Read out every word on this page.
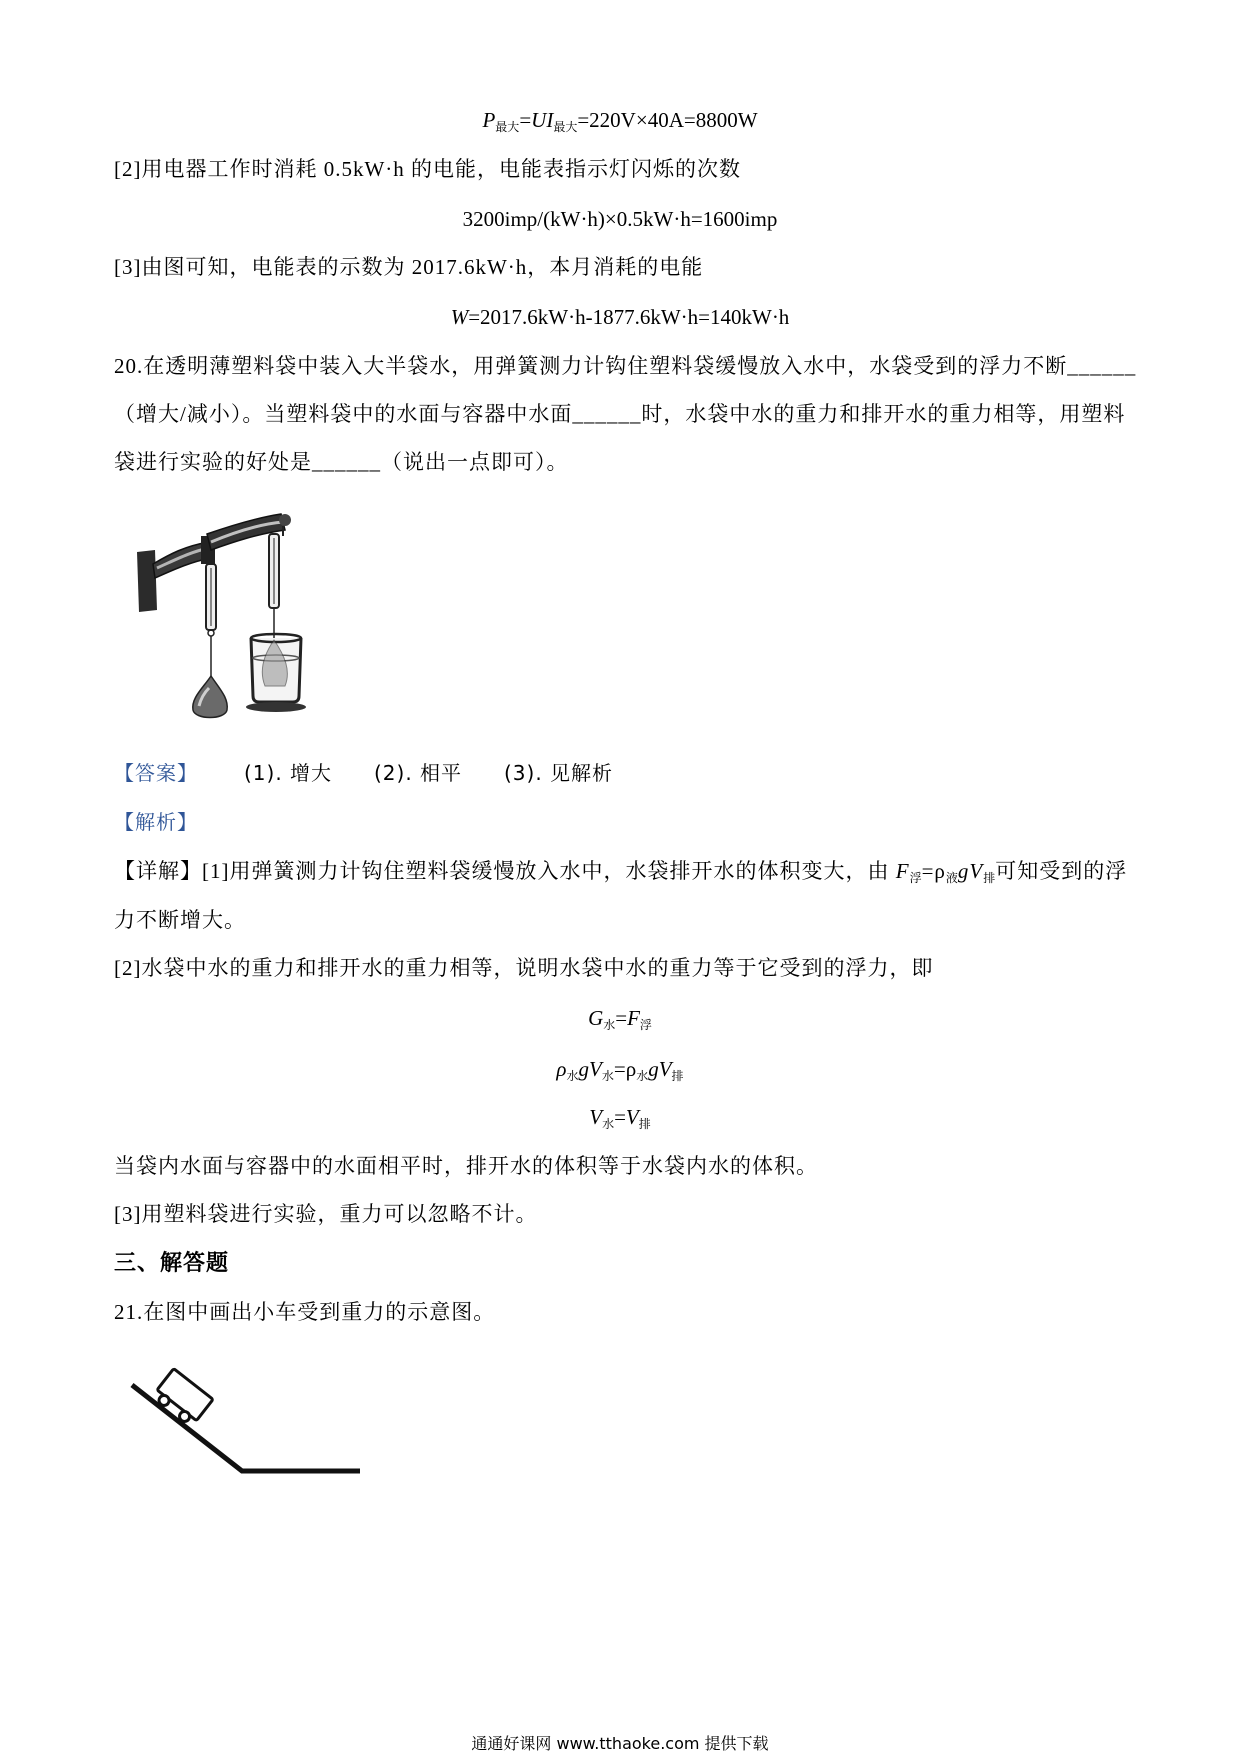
$P_{最大}=UI_{最大}=220V\times 40A=8800W$
[2]用电器工作时消耗 0.5kW·h 的电能，电能表指示灯闪烁的次数
3200imp/(kW·h)×0.5kW·h=1600imp
[3]由图可知，电能表的示数为 2017.6kW·h，本月消耗的电能
W=2017.6kW·h-1877.6kW·h=140kW·h
20.在透明薄塑料袋中装入大半袋水，用弹簧测力计钩住塑料袋缓慢放入水中，水袋受到的浮力不断______
（增大/减小）。当塑料袋中的水面与容器中水面______时，水袋中水的重力和排开水的重力相等，用塑料
袋进行实验的好处是______（说出一点即可）。
【答案】 (1). 增大 (2). 相平 (3). 见解析
【解析】
【详解】[1]用弹簧测力计钩住塑料袋缓慢放入水中，水袋排开水的体积变大，由 $F_浮=\rho_液gV_排$可知受到的浮
力不断增大。
[2]水袋中水的重力和排开水的重力相等，说明水袋中水的重力等于它受到的浮力，即
$G_水=F_浮$
$\rho_水gV_水=\rho_水gV_排$
$V_水=V_排$
当袋内水面与容器中的水面相平时，排开水的体积等于水袋内水的体积。
[3]用塑料袋进行实验，重力可以忽略不计。
三、解答题
21.在图中画出小车受到重力的示意图。
通通好课网 www.tthaoke.com 提供下载
